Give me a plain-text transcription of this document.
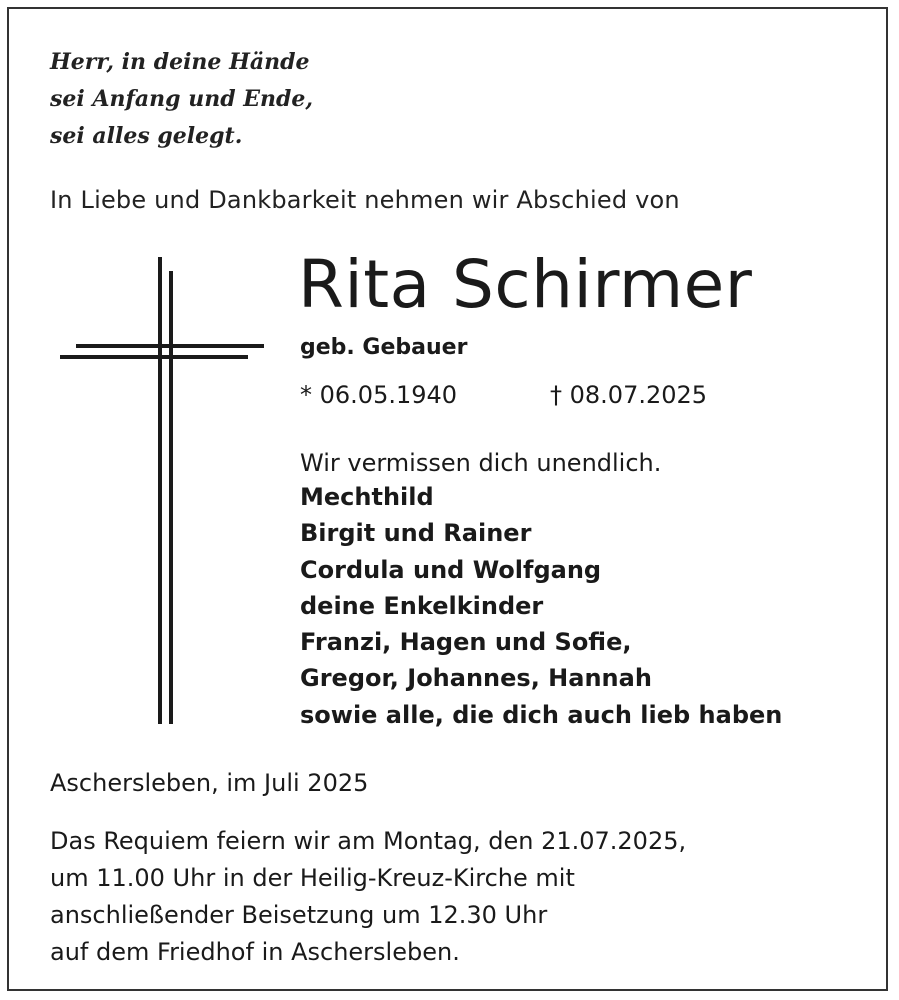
Herr, in deine Hände
sei Anfang und Ende,
sei alles gelegt.
In Liebe und Dankbarkeit nehmen wir Abschied von
Rita Schirmer
geb. Gebauer
* 06.05.1940	† 08.07.2025
Wir vermissen dich unendlich.
Mechthild
Birgit und Rainer
Cordula und Wolfgang
deine Enkelkinder
Franzi, Hagen und Sofie,
Gregor, Johannes, Hannah
sowie alle, die dich auch lieb haben
Aschersleben, im Juli 2025
Das Requiem feiern wir am Montag, den 21.07.2025,
um 11.00 Uhr in der Heilig-Kreuz-Kirche mit
anschließender Beisetzung um 12.30 Uhr
auf dem Friedhof in Aschersleben.
